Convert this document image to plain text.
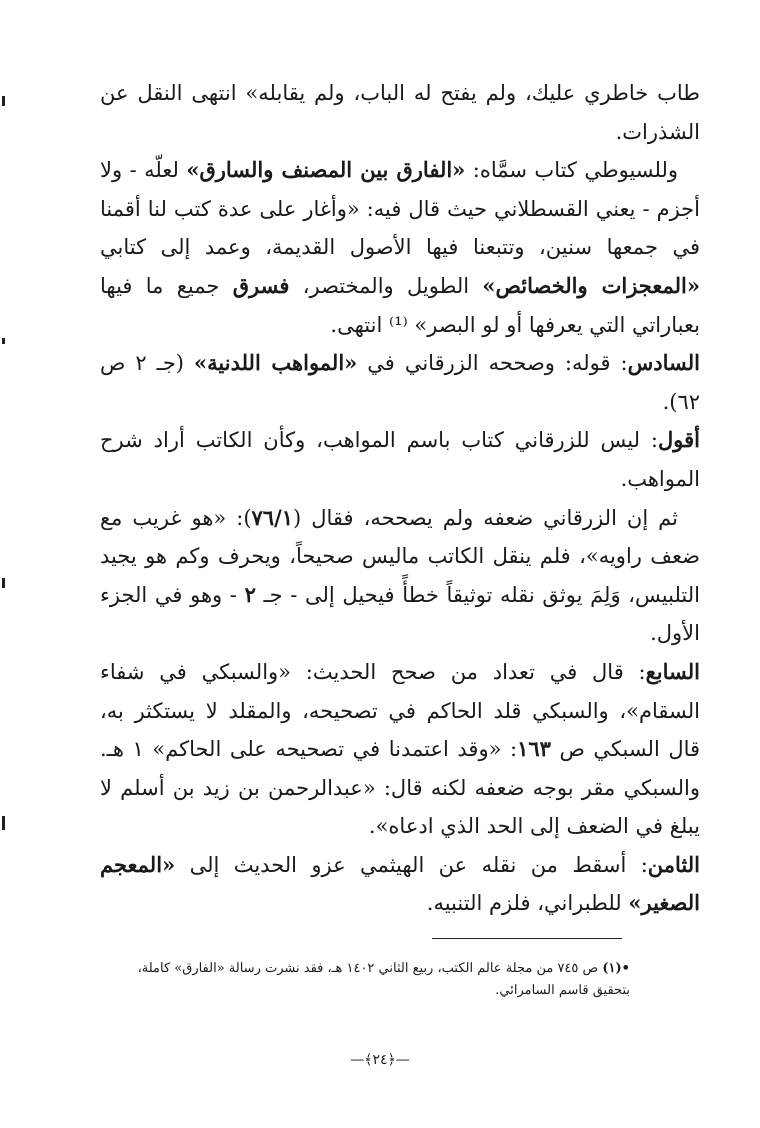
طاب خاطري عليك، ولم يفتح له الباب، ولم يقابله» انتهى النقل عن الشذرات.

وللسيوطي كتاب سمَّاه: «الفارق بين المصنف والسارق» لعلّه - ولا أجزم - يعني القسطلاني حيث قال فيه: «وأغار على عدة كتب لنا أقمنا في جمعها سنين، وتتبعنا فيها الأصول القديمة، وعمد إلى كتابي «المعجزات والخصائص» الطويل والمختصر، فسرق جميع ما فيها بعباراتي التي يعرفها أو لو البصر» ⁽¹⁾ انتهى.

السادس: قوله: وصححه الزرقاني في «المواهب اللدنية» (جـ ٢ ص ٦٢).

أقول: ليس للزرقاني كتاب باسم المواهب، وكأن الكاتب أراد شرح المواهب.

ثم إن الزرقاني ضعفه ولم يصححه، فقال (٧٦/١): «هو غريب مع ضعف راويه»، فلم ينقل الكاتب ماليس صحيحاً، ويحرف وكم هو يجيد التلبيس، وَلِمَ يوثق نقله توثيقاً خطأً فيحيل إلى - جـ ٢ - وهو في الجزء الأول.

السابع: قال في تعداد من صحح الحديث: «والسبكي في شفاء السقام»، والسبكي قلد الحاكم في تصحيحه، والمقلد لا يستكثر به، قال السبكي ص ١٦٣: «وقد اعتمدنا في تصحيحه على الحاكم» ١ هـ. والسبكي مقر بوجه ضعفه لكنه قال: «عبدالرحمن بن زيد بن أسلم لا يبلغ في الضعف إلى الحد الذي ادعاه».

الثامن: أسقط من نقله عن الهيثمي عزو الحديث إلى «المعجم الصغير» للطبراني، فلزم التنبيه.

•(١) ص ٧٤٥ من مجلة عالم الكتب، ربيع الثاني ١٤٠٢ هـ، فقد نشرت رسالة «الفارق» كاملة، بتحقيق قاسم السامرائي.
—﴿٢٤﴾—
